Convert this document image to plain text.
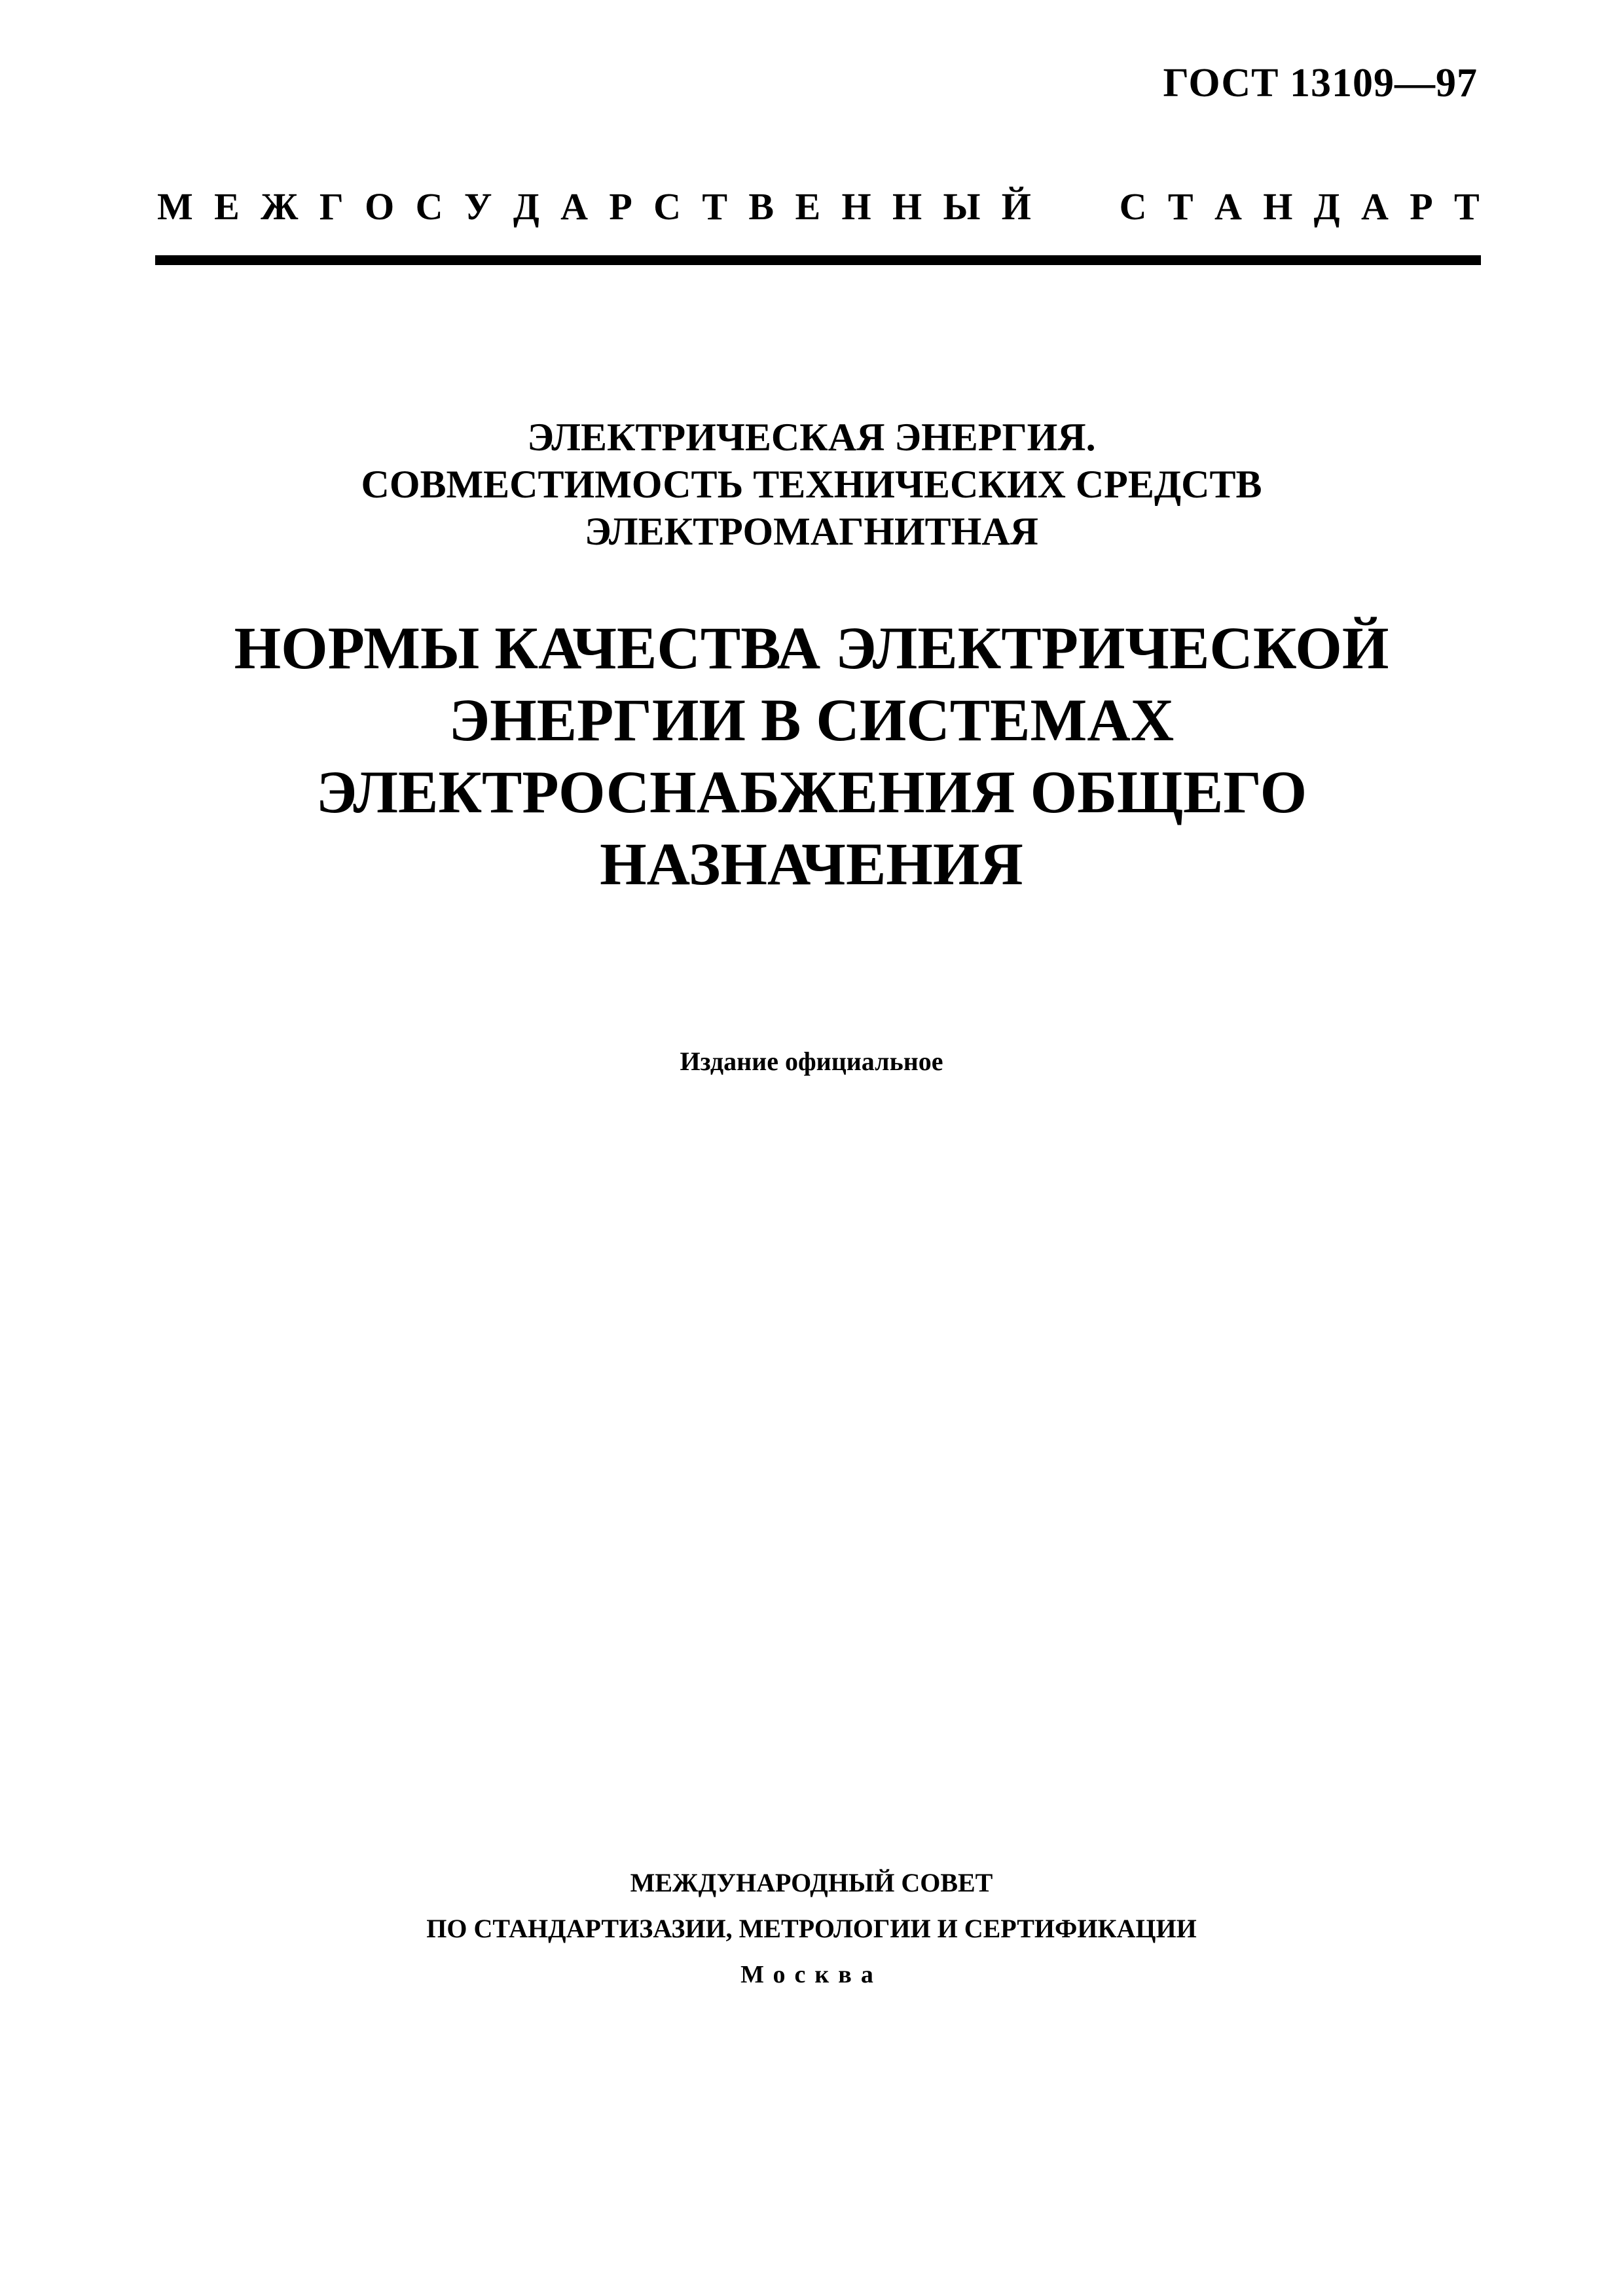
ГОСТ 13109—97

М Е Ж Г О С У Д А Р С Т В Е Н Н Ы Й С Т А Н Д А Р Т
ЭЛЕКТРИЧЕСКАЯ ЭНЕРГИЯ.
СОВМЕСТИМОСТЬ ТЕХНИЧЕСКИХ СРЕДСТВ
ЭЛЕКТРОМАГНИТНАЯ
НОРМЫ КАЧЕСТВА ЭЛЕКТРИЧЕСКОЙ
ЭНЕРГИИ В СИСТЕМАХ
ЭЛЕКТРОСНАБЖЕНИЯ ОБЩЕГО
НАЗНАЧЕНИЯ

Издание официальное

МЕЖДУНАРОДНЫЙ СОВЕТ
ПО СТАНДАРТИЗАЗИИ, МЕТРОЛОГИИ И СЕРТИФИКАЦИИ
Москва
